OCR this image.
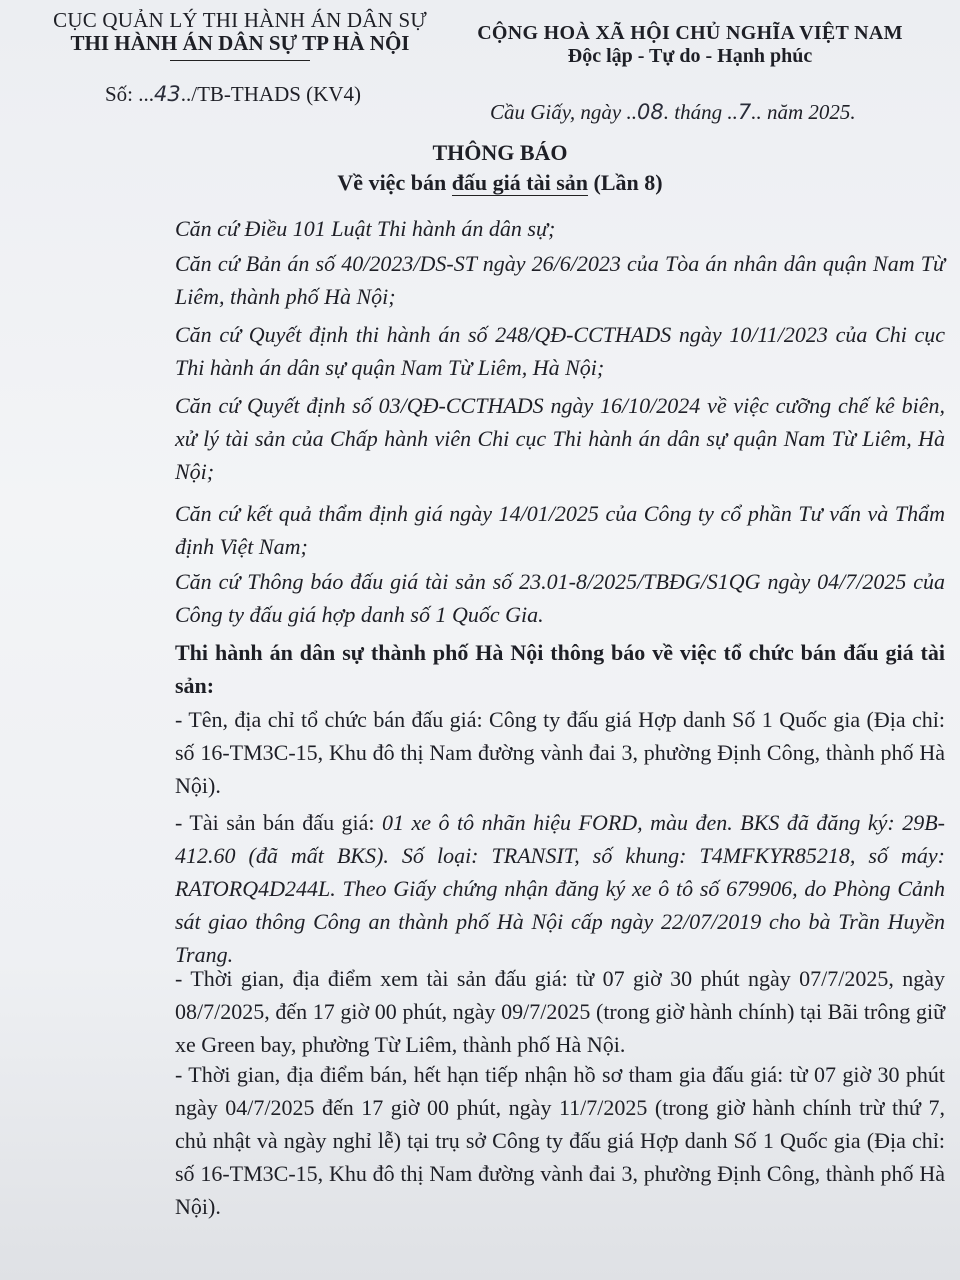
CỤC QUẢN LÝ THI HÀNH ÁN DÂN SỰ
THI HÀNH ÁN DÂN SỰ TP HÀ NỘI
Số: ...43../TB-THADS (KV4)
CỘNG HOÀ XÃ HỘI CHỦ NGHĨA VIỆT NAM
Độc lập - Tự do - Hạnh phúc
Cầu Giấy, ngày ..08. tháng ..7.. năm 2025.
THÔNG BÁO
Về việc bán đấu giá tài sản (Lần 8)

Căn cứ Điều 101 Luật Thi hành án dân sự;

Căn cứ Bản án số 40/2023/DS-ST ngày 26/6/2023 của Tòa án nhân dân quận Nam Từ Liêm, thành phố Hà Nội;

Căn cứ Quyết định thi hành án số 248/QĐ-CCTHADS ngày 10/11/2023 của Chi cục Thi hành án dân sự quận Nam Từ Liêm, Hà Nội;

Căn cứ Quyết định số 03/QĐ-CCTHADS ngày 16/10/2024 về việc cưỡng chế kê biên, xử lý tài sản của Chấp hành viên Chi cục Thi hành án dân sự quận Nam Từ Liêm, Hà Nội;

Căn cứ kết quả thẩm định giá ngày 14/01/2025 của Công ty cổ phần Tư vấn và Thẩm định Việt Nam;

Căn cứ Thông báo đấu giá tài sản số 23.01-8/2025/TBĐG/S1QG ngày 04/7/2025 của Công ty đấu giá hợp danh số 1 Quốc Gia.

Thi hành án dân sự thành phố Hà Nội thông báo về việc tổ chức bán đấu giá tài sản:

- Tên, địa chỉ tổ chức bán đấu giá: Công ty đấu giá Hợp danh Số 1 Quốc gia (Địa chỉ: số 16-TM3C-15, Khu đô thị Nam đường vành đai 3, phường Định Công, thành phố Hà Nội).

- Tài sản bán đấu giá: 01 xe ô tô nhãn hiệu FORD, màu đen. BKS đã đăng ký: 29B-412.60 (đã mất BKS). Số loại: TRANSIT, số khung: T4MFKYR85218, số máy: RATORQ4D244L. Theo Giấy chứng nhận đăng ký xe ô tô số 679906, do Phòng Cảnh sát giao thông Công an thành phố Hà Nội cấp ngày 22/07/2019 cho bà Trần Huyền Trang.

- Thời gian, địa điểm xem tài sản đấu giá: từ 07 giờ 30 phút ngày 07/7/2025, ngày 08/7/2025, đến 17 giờ 00 phút, ngày 09/7/2025 (trong giờ hành chính) tại Bãi trông giữ xe Green bay, phường Từ Liêm, thành phố Hà Nội.

- Thời gian, địa điểm bán, hết hạn tiếp nhận hồ sơ tham gia đấu giá: từ 07 giờ 30 phút ngày 04/7/2025 đến 17 giờ 00 phút, ngày 11/7/2025 (trong giờ hành chính trừ thứ 7, chủ nhật và ngày nghỉ lễ) tại trụ sở Công ty đấu giá Hợp danh Số 1 Quốc gia (Địa chỉ: số 16-TM3C-15, Khu đô thị Nam đường vành đai 3, phường Định Công, thành phố Hà Nội).
